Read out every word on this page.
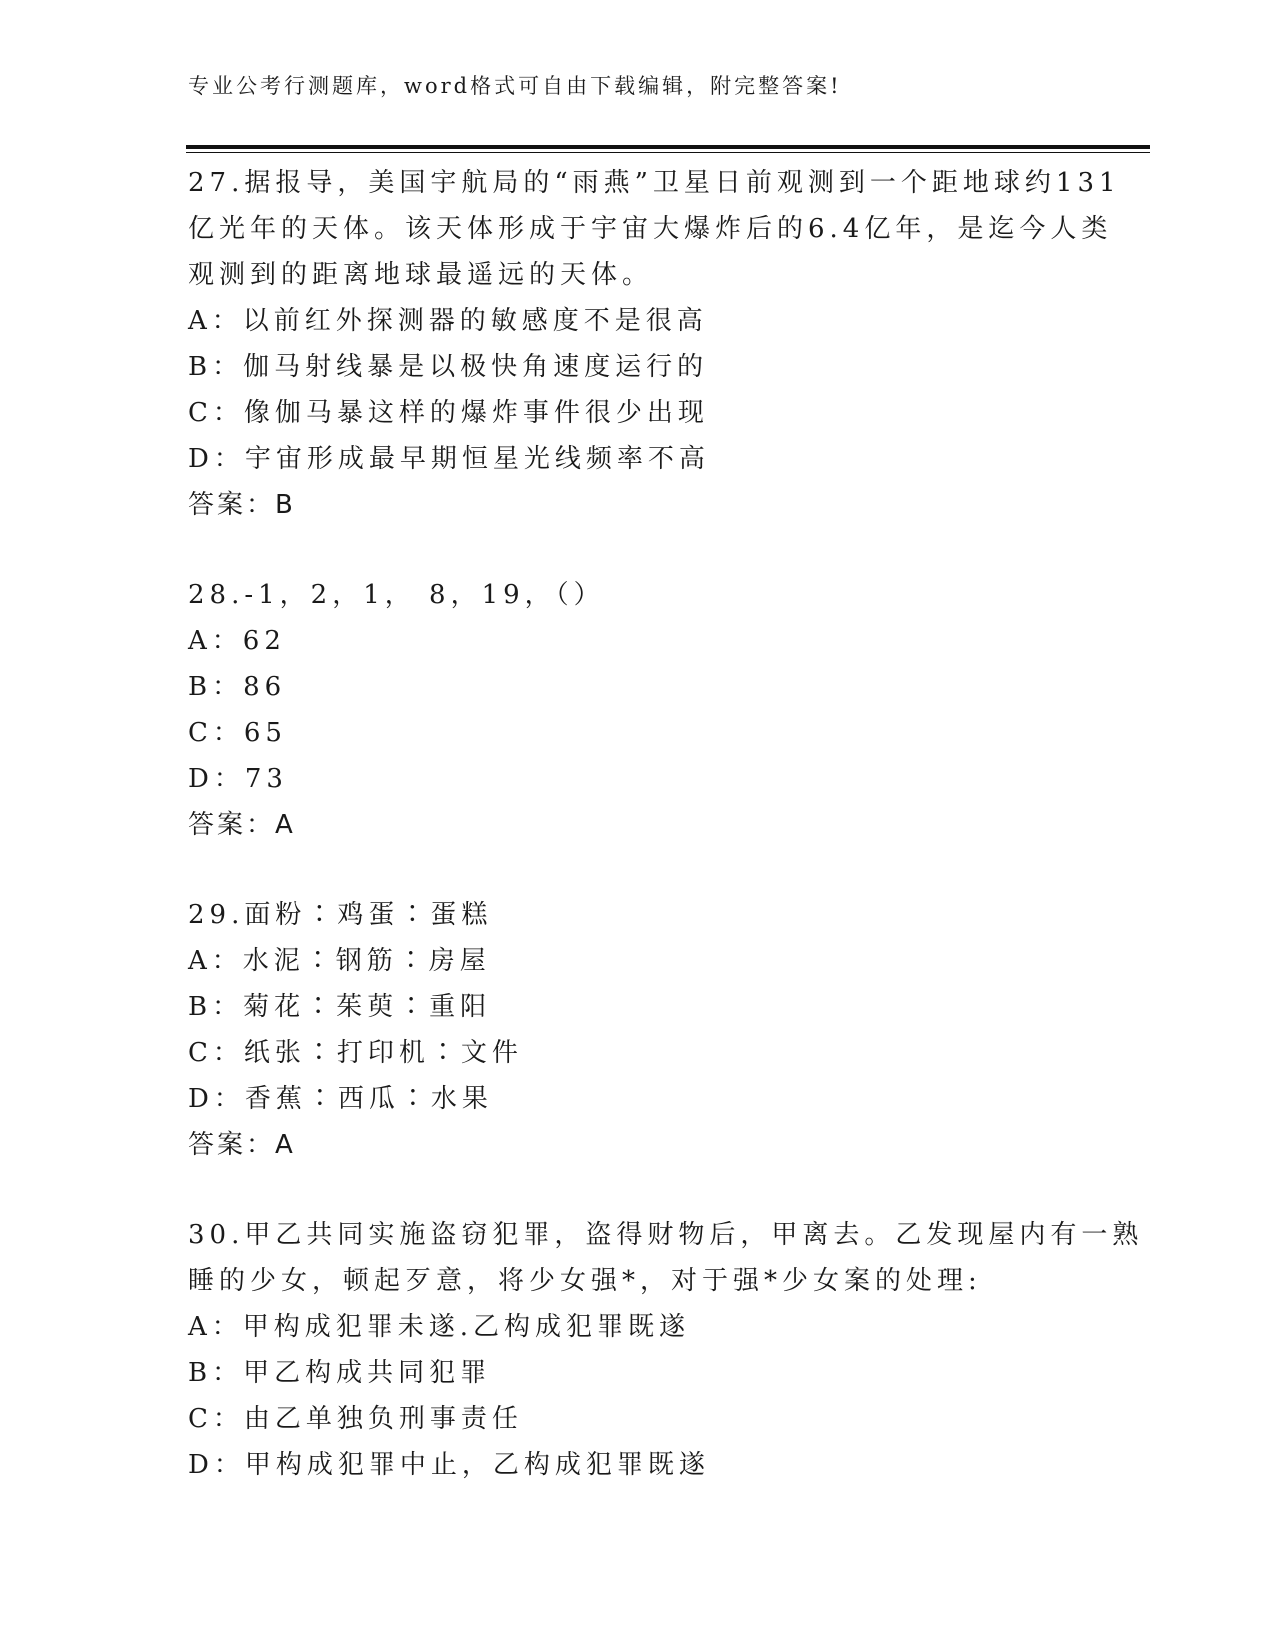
专业公考行测题库，word格式可自由下载编辑，附完整答案!
27.据报导，美国宇航局的“雨燕”卫星日前观测到一个距地球约131
亿光年的天体。该天体形成于宇宙大爆炸后的6.4亿年，是迄今人类
观测到的距离地球最遥远的天体。
A：以前红外探测器的敏感度不是很高
B：伽马射线暴是以极快角速度运行的
C：像伽马暴这样的爆炸事件很少出现
D：宇宙形成最早期恒星光线频率不高
答案：B
28.-1，2，1， 8，19，（）
A：62
B：86
C：65
D：73
答案：A
29.面粉∶鸡蛋∶蛋糕
A：水泥∶钢筋∶房屋
B：菊花∶茱萸∶重阳
C：纸张∶打印机∶文件
D：香蕉∶西瓜∶水果
答案：A
30.甲乙共同实施盗窃犯罪，盗得财物后，甲离去。乙发现屋内有一熟
睡的少女，顿起歹意，将少女强*，对于强*少女案的处理:
A：甲构成犯罪未遂.乙构成犯罪既遂
B：甲乙构成共同犯罪
C：由乙单独负刑事责任
D：甲构成犯罪中止，乙构成犯罪既遂
